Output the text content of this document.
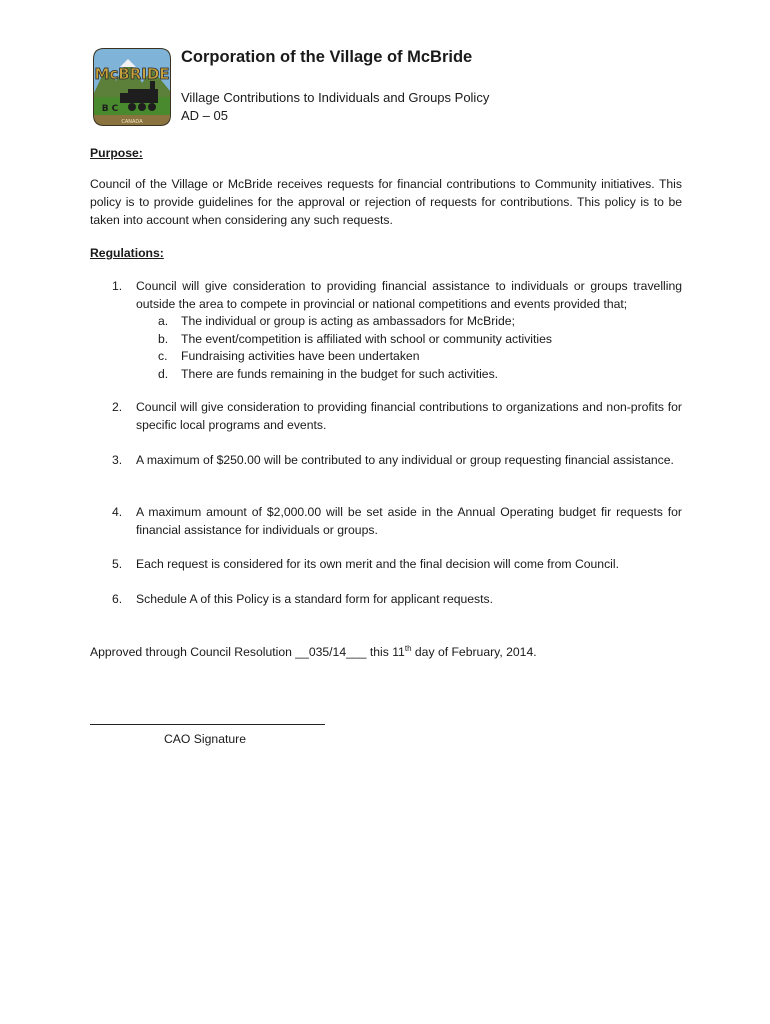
McBRIDE
B C
CANADA
Corporation of the Village of McBride
Village Contributions to Individuals and Groups Policy
AD – 05
Purpose:
Council of the Village or McBride receives requests for financial contributions to Community initiatives. This policy is to provide guidelines for the approval or rejection of requests for contributions. This policy is to be taken into account when considering any such requests.
Regulations:
1. Council will give consideration to providing financial assistance to individuals or groups travelling outside the area to compete in provincial or national competitions and events provided that;
a. The individual or group is acting as ambassadors for McBride;
b. The event/competition is affiliated with school or community activities
c. Fundraising activities have been undertaken
d. There are funds remaining in the budget for such activities.
2. Council will give consideration to providing financial contributions to organizations and non-profits for specific local programs and events.
3. A maximum of $250.00 will be contributed to any individual or group requesting financial assistance.
4. A maximum amount of $2,000.00 will be set aside in the Annual Operating budget fir requests for financial assistance for individuals or groups.
5. Each request is considered for its own merit and the final decision will come from Council.
6. Schedule A of this Policy is a standard form for applicant requests.
Approved through Council Resolution __035/14___ this 11th day of February, 2014.
CAO Signature
